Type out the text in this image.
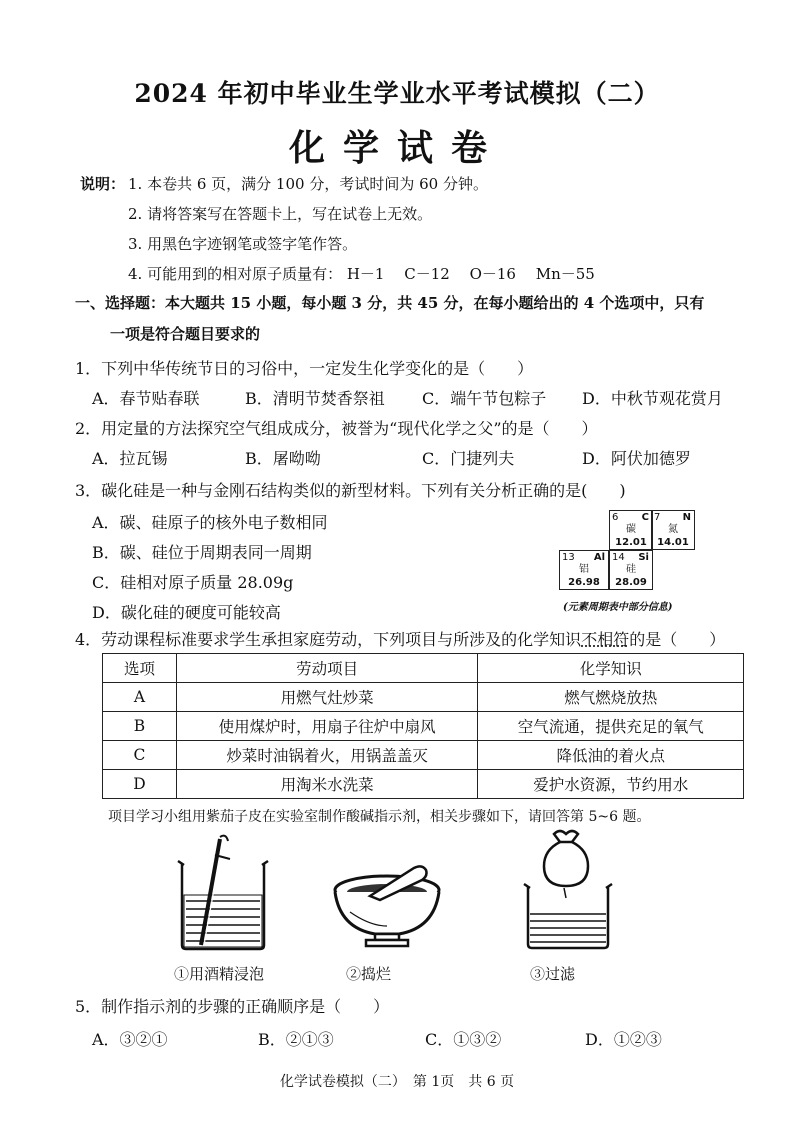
2024 年初中毕业生学业水平考试模拟（二）
化学试卷
说明： 1. 本卷共 6 页，满分 100 分，考试时间为 60 分钟。
2. 请将答案写在答题卡上，写在试卷上无效。
3. 用黑色字迹钢笔或签字笔作答。
4. 可能用到的相对原子质量有： H－1 　C－12 　O－16 　Mn－55
一、选择题：本大题共 15 小题，每小题 3 分，共 45 分，在每小题给出的 4 个选项中，只有
一项是符合题目要求的
1．下列中华传统节日的习俗中，一定发生化学变化的是（　　）
A．春节贴春联	B．清明节焚香祭祖 C．端午节包粽子 D．中秋节观花赏月
2．用定量的方法探究空气组成成分，被誉为“现代化学之父”的是（　　）
A．拉瓦锡	B．屠呦呦	C．门捷列夫	D．阿伏加德罗
3．碳化硅是一种与金刚石结构类似的新型材料。下列有关分析正确的是(　　)
A．碳、硅原子的核外电子数相同
B．碳、硅位于周期表同一周期
C．硅相对原子质量 28.09g
D．碳化硅的硬度可能较高
6 C
碳
12.01
7 N
氮
14.01
13 Al
铝
26.98
14 Si
硅
28.09
(元素周期表中部分信息)
4．劳动课程标准要求学生承担家庭劳动，下列项目与所涉及的化学知识不相符的是（　　）
选项	劳动项目	化学知识
A	用燃气灶炒菜	燃气燃烧放热
B	使用煤炉时，用扇子往炉中扇风	空气流通，提供充足的氧气
C	炒菜时油锅着火，用锅盖盖灭	降低油的着火点
D	用淘米水洗菜	爱护水资源，节约用水
项目学习小组用紫茄子皮在实验室制作酸碱指示剂，相关步骤如下，请回答第 5~6 题。
①用酒精浸泡	②捣烂	③过滤
5．制作指示剂的步骤的正确顺序是（　　）
A．③②①	B．②①③	C．①③②	D．①②③
化学试卷模拟（二）　第 1页　共 6 页
